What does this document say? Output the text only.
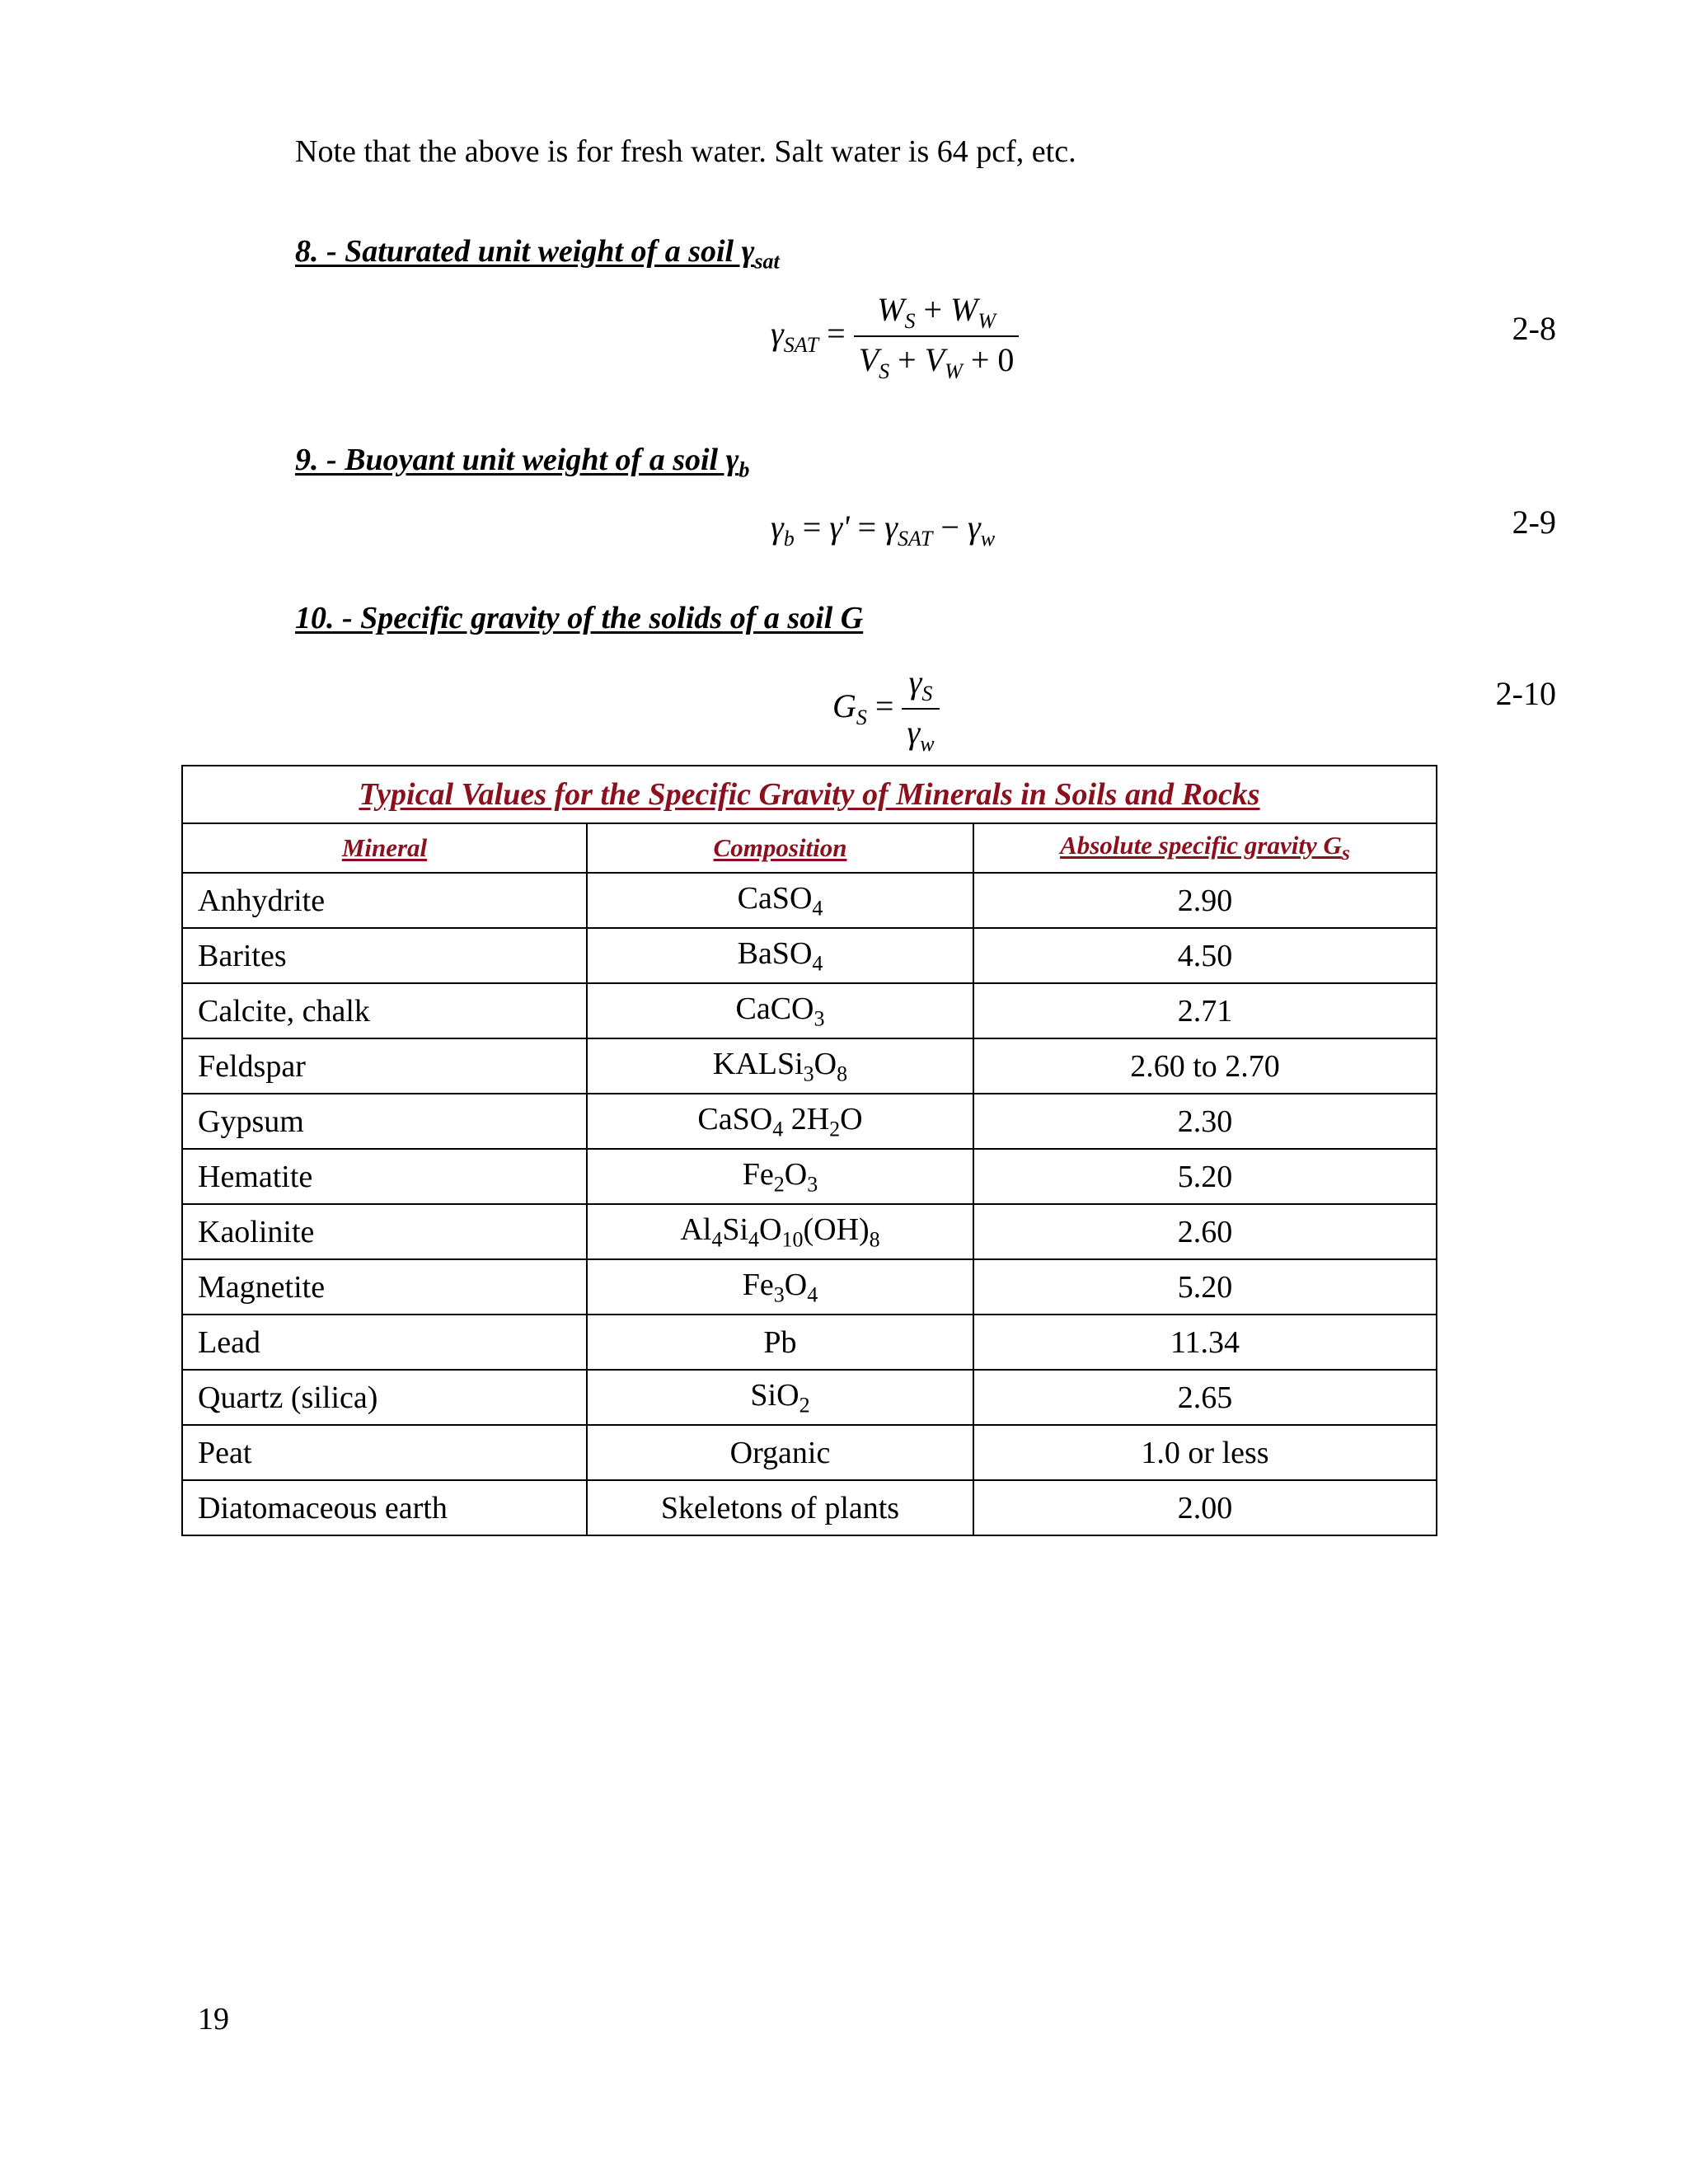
Note that the above is for fresh water. Salt water is 64 pcf, etc.
8. - Saturated unit weight of a soil $\gamma_{sat}$
$\gamma_{SAT} = \frac{W_S + W_W}{V_S + V_W + 0}$	2-8
9. - Buoyant unit weight of a soil $\gamma_b$
$\gamma_b = \gamma' = \gamma_{SAT} - \gamma_w$	2-9
10. - Specific gravity of the solids of a soil G
$G_S = \frac{\gamma_S}{\gamma_w}$	2-10
Typical Values for the Specific Gravity of Minerals in Soils and Rocks		
Mineral	Composition	Absolute specific gravity $G_s$
Anhydrite	CaSO$_4$	2.90
Barites	BaSO$_4$	4.50
Calcite, chalk	CaCO$_3$	2.71
Feldspar	$KALSi_3O_8$	2.60 to 2.70
Gypsum	CaSO$_4$ $2H_2O$	2.30
Hematite	$Fe_2O_3$	5.20
Kaolinite	$Al_4Si_4O_{10}(OH)_8$	2.60
Magnetite	$Fe_3O_4$	5.20
Lead	Pb	11.34
Quartz (silica)	SiO$_2$	2.65
Peat	Organic	1.0 or less
Diatomaceous earth	Skeletons of plants	2.00
19
